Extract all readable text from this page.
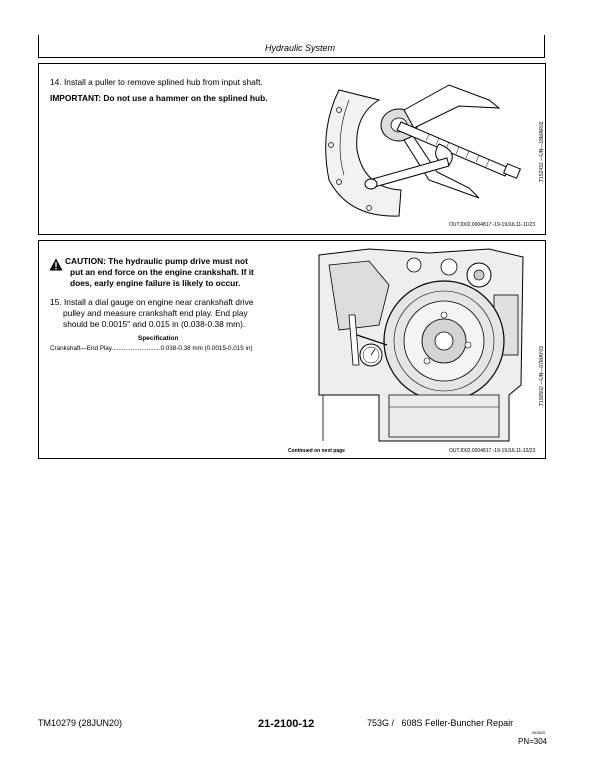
Hydraulic System
14. Install a puller to remove splined hub from input shaft.
IMPORTANT: Do not use a hammer on the splined hub.
T152432 —UN—18MAR02
OUTJ002,0004817 -19-19JUL11-11/23
CAUTION: The hydraulic pump drive must not
put an end force on the engine crankshaft. If it
does, early engine failure is likely to occur.
15. Install a dial gauge on engine near crankshaft drive
pulley and measure crankshaft end play. End play
should be 0.0015" and 0.015 in (0.038-0.38 mm).
Specification
Crankshaft—End Play............................0.038-0.38 mm (0.0015-0.015 in)	T190502 —UN—07MAY03
Continued on next page	OUTJ002,0004817 -19-19JUL11-12/23
TM10279 (28JUN20)	21-2100-12	753G /   608S Feller-Buncher Repair
062620
PN=304
